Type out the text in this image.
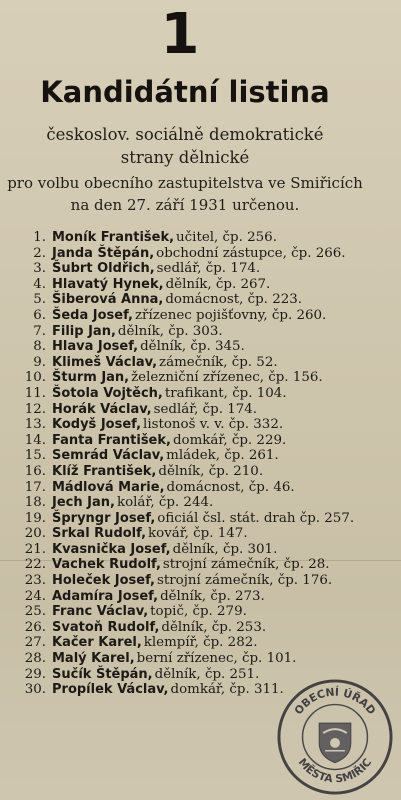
1
Kandidátní listina
českoslov. sociálně demokratické
strany dělnické
pro volbu obecního zastupitelstva ve Smiřicích
na den 27. září 1931 určenou.
1. Moník František, učitel, čp. 256.
2. Janda Štěpán, obchodní zástupce, čp. 266.
3. Šubrt Oldřich, sedlář, čp. 174.
4. Hlavatý Hynek, dělník, čp. 267.
5. Šiberová Anna, domácnost, čp. 223.
6. Šeda Josef, zřízenec pojišťovny, čp. 260.
7. Filip Jan, dělník, čp. 303.
8. Hlava Josef, dělník, čp. 345.
9. Klimeš Václav, zámečník, čp. 52.
10. Šturm Jan, železniční zřízenec, čp. 156.
11. Šotola Vojtěch, trafikant, čp. 104.
12. Horák Václav, sedlář, čp. 174.
13. Kodyš Josef, listonoš v. v. čp. 332.
14. Fanta František, domkář, čp. 229.
15. Semrád Václav, mládek, čp. 261.
16. Klíž František, dělník, čp. 210.
17. Mádlová Marie, domácnost, čp. 46.
18. Jech Jan, kolář, čp. 244.
19. Špryngr Josef, oficiál čsl. stát. drah čp. 257.
20. Srkal Rudolf, kovář, čp. 147.
21. Kvasnička Josef, dělník, čp. 301.
22. Vachek Rudolf, strojní zámečník, čp. 28.
23. Holeček Josef, strojní zámečník, čp. 176.
24. Adamíra Josef, dělník, čp. 273.
25. Franc Václav, topič, čp. 279.
26. Svatoň Rudolf, dělník, čp. 253.
27. Kačer Karel, klempíř, čp. 282.
28. Malý Karel, berní zřízenec, čp. 101.
29. Sučík Štěpán, dělník, čp. 251.
30. Propílek Václav, domkář, čp. 311.
OBECNÍ ÚŘAD
MĚSTA SMIŘIC
